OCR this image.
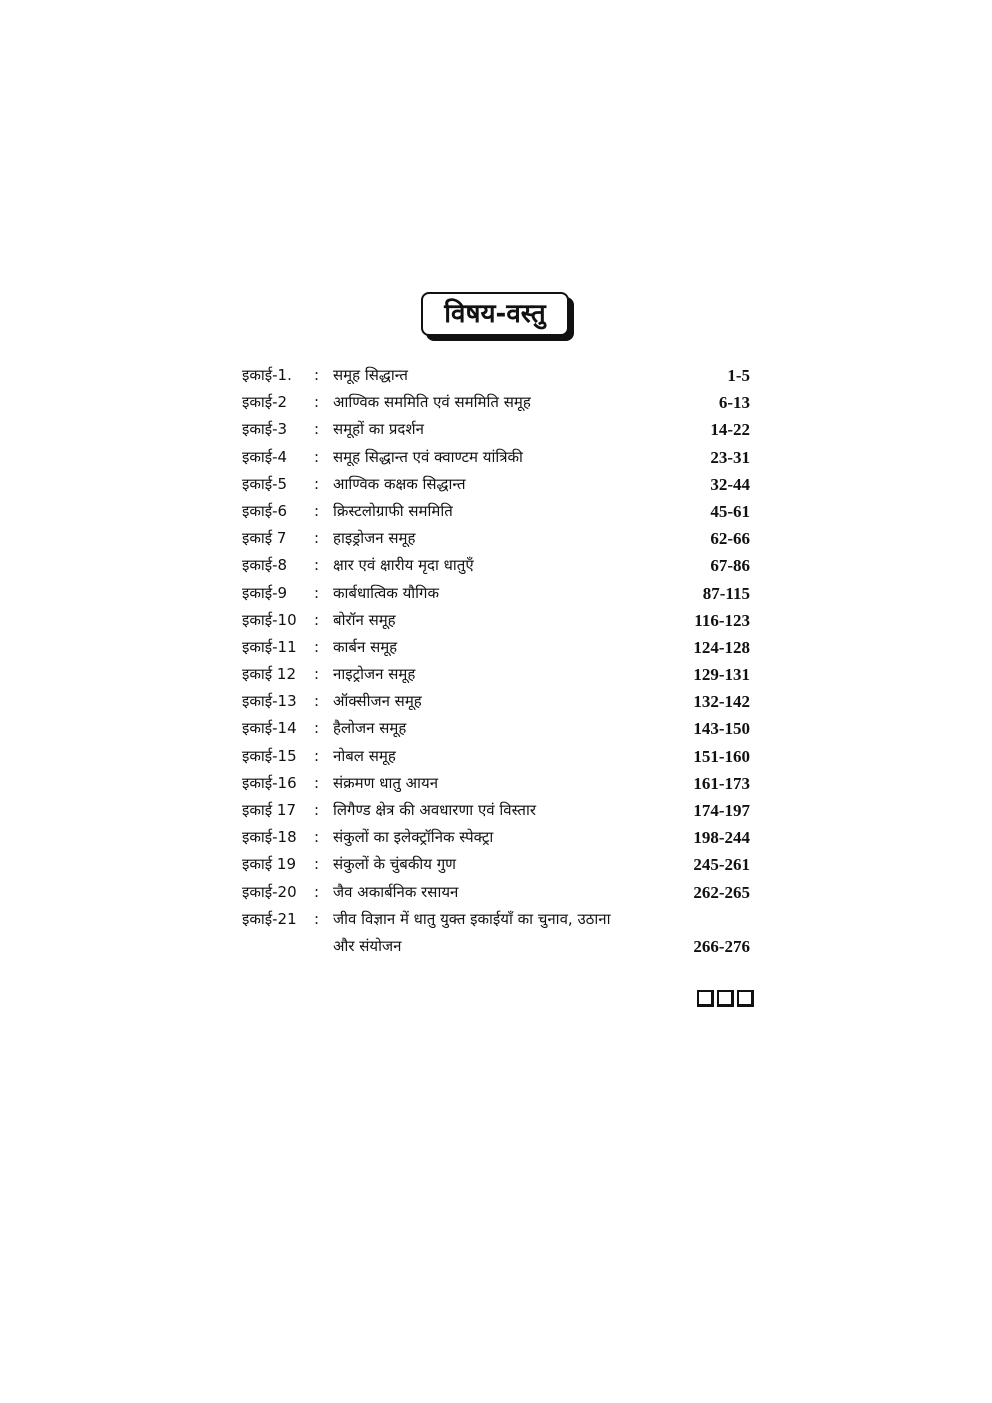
विषय-वस्तु
इकाई-1.	: समूह सिद्धान्त	1-5
इकाई-2	: आण्विक सममिति एवं सममिति समूह	6-13
इकाई-3	: समूहों का प्रदर्शन	14-22
इकाई-4	: समूह सिद्धान्त एवं क्वाण्टम यांत्रिकी	23-31
इकाई-5	: आण्विक कक्षक सिद्धान्त	32-44
इकाई-6	: क्रिस्टलोग्राफी सममिति	45-61
इकाई 7	: हाइड्रोजन समूह	62-66
इकाई-8	: क्षार एवं क्षारीय मृदा धातुएँ	67-86
इकाई-9	: कार्बधात्विक यौगिक	87-115
इकाई-10	: बोरॉन समूह	116-123
इकाई-11	: कार्बन समूह	124-128
इकाई 12	: नाइट्रोजन समूह	129-131
इकाई-13	: ऑक्सीजन समूह	132-142
इकाई-14	: हैलोजन समूह	143-150
इकाई-15	: नोबल समूह	151-160
इकाई-16	: संक्रमण धातु आयन	161-173
इकाई 17	: लिगैण्ड क्षेत्र की अवधारणा एवं विस्तार	174-197
इकाई-18	: संकुलों का इलेक्ट्रॉनिक स्पेक्ट्रा	198-244
इकाई 19	: संकुलों के चुंबकीय गुण	245-261
इकाई-20	: जैव अकार्बनिक रसायन	262-265
इकाई-21	: जीव विज्ञान में धातु युक्त इकाईयाँ का चुनाव, उठाना
और संयोजन	266-276
